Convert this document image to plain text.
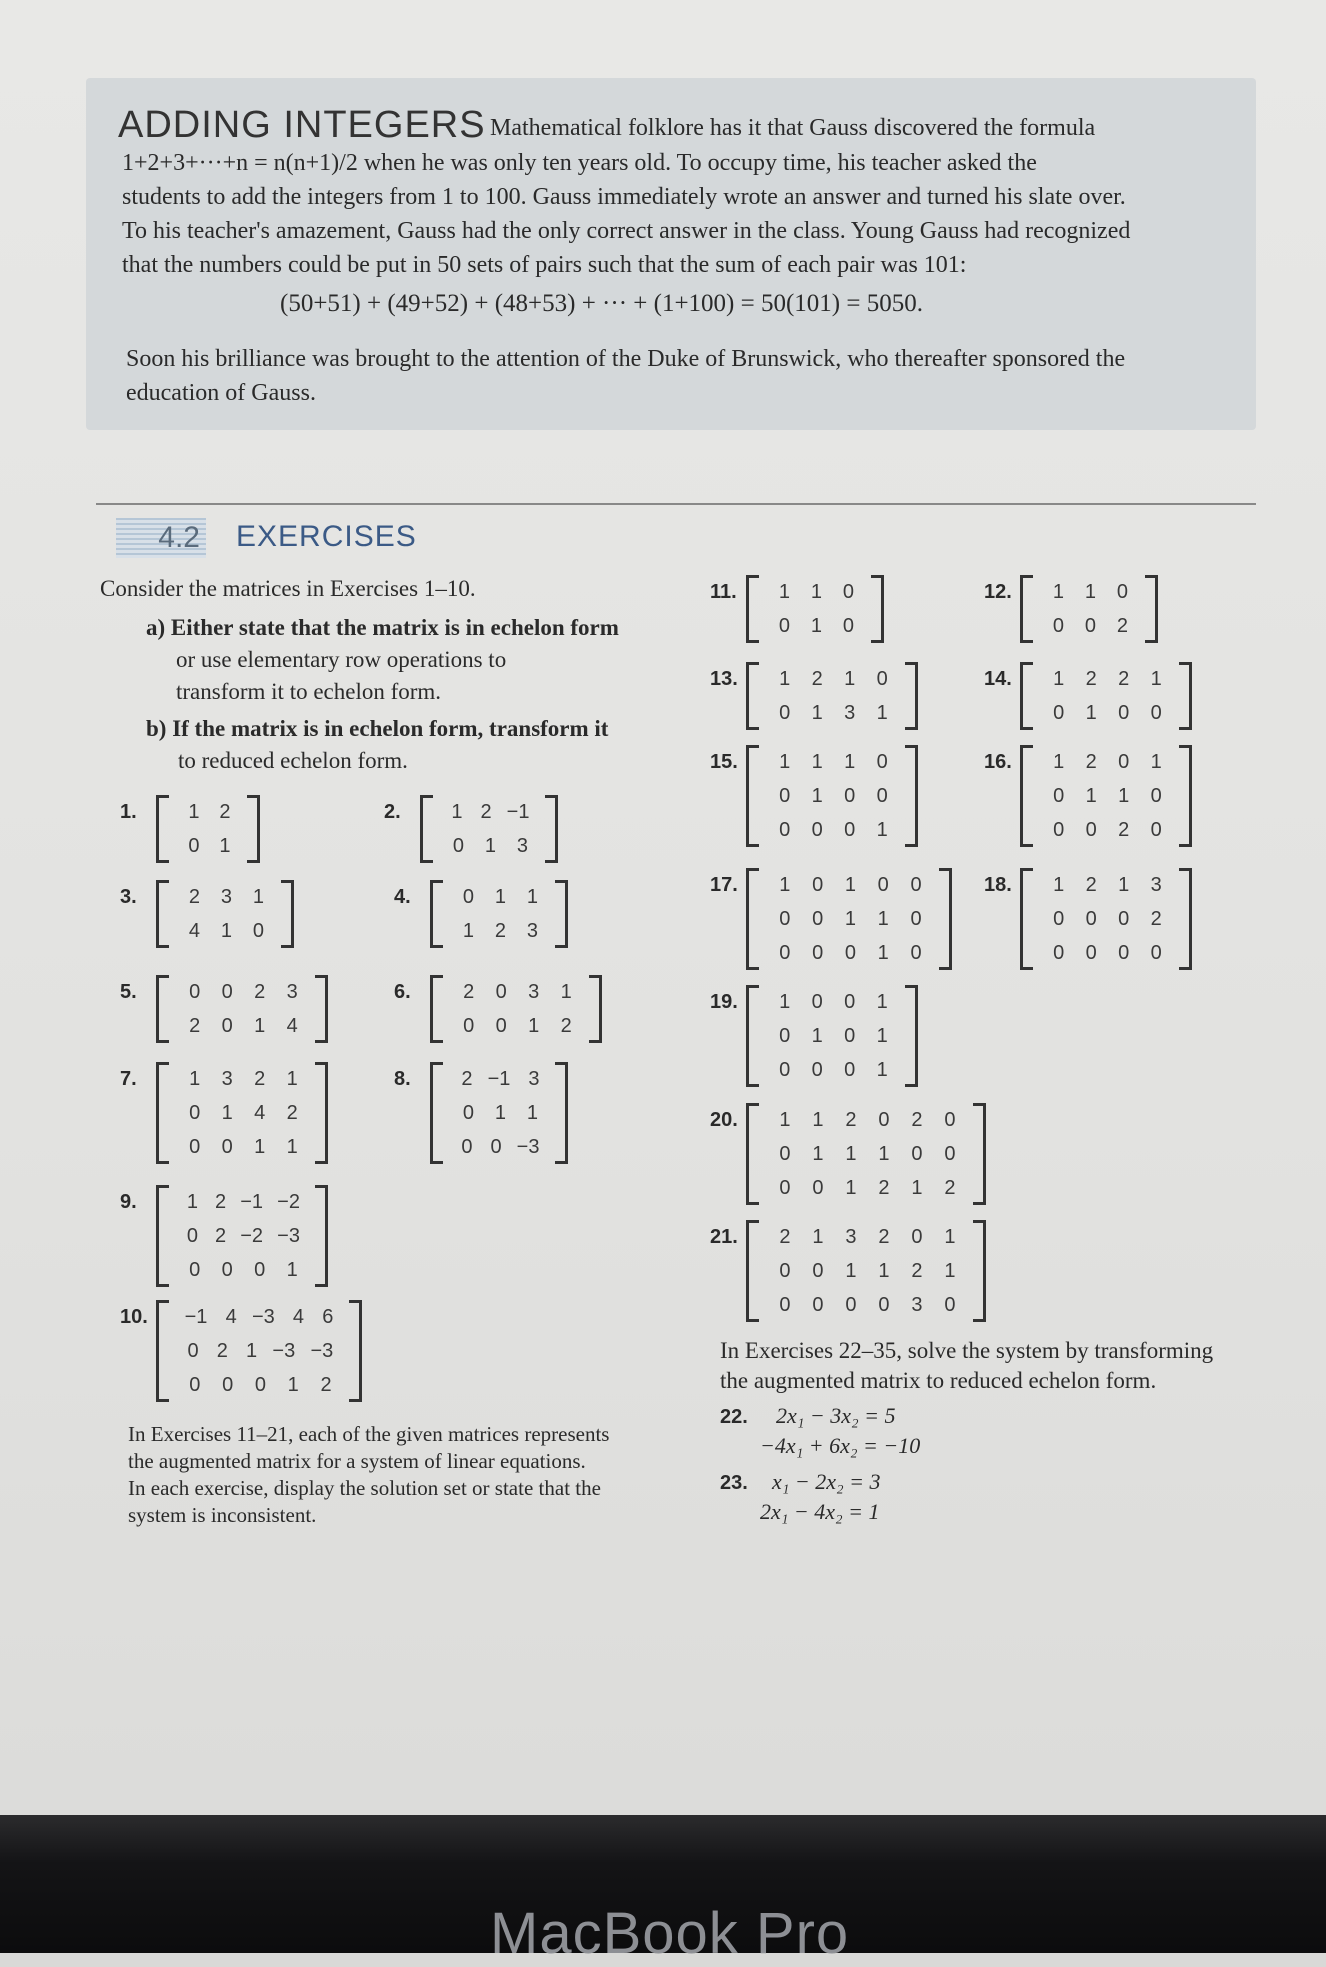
ADDING INTEGERS Mathematical folklore has it that Gauss discovered the formula
1+2+3+···+n = n(n+1)/2 when he was only ten years old. To occupy time, his teacher asked the
students to add the integers from 1 to 100. Gauss immediately wrote an answer and turned his slate over.
To his teacher's amazement, Gauss had the only correct answer in the class. Young Gauss had recognized
that the numbers could be put in 50 sets of pairs such that the sum of each pair was 101:
(50+51) + (49+52) + (48+53) + ··· + (1+100) = 50(101) = 5050.
Soon his brilliance was brought to the attention of the Duke of Brunswick, who thereafter sponsored the
education of Gauss.
4.2 EXERCISES
Consider the matrices in Exercises 1–10.
a) Either state that the matrix is in echelon form
or use elementary row operations to
transform it to echelon form.
b) If the matrix is in echelon form, transform it
to reduced echelon form.
In Exercises 11–21, each of the given matrices represents
the augmented matrix for a system of linear equations.
In each exercise, display the solution set or state that the
system is inconsistent.
In Exercises 22–35, solve the system by transforming
the augmented matrix to reduced echelon form.
22. 2x₁ − 3x₂ = 5
−4x₁ + 6x₂ = −10
23. x₁ − 2x₂ = 3
2x₁ − 4x₂ = 1
MacBook Pro
1.	1 2
0 1
2.	1 2 −1
0 1 3
3.	2 3 1
4 1 0
4.	0 1 1
1 2 3
5.	0 0 2 3
2 0 1 4
6.	2 0 3 1
0 0 1 2
7.	1 3 2 1
0 1 4 2
0 0 1 1
8.	2 −1 3
0 1 1
0 0 −3
9.	1 2 −1 −2
0 2 −2 −3
0 0 0 1
10. −1 4 −3 4 6
0 2 1 −3 −3
0 0 0 1 2
11. 1 1 0
0 1 0
12. 1 1 0
0 0 2
13. 1 2 1 0
0 1 3 1
14. 1 2 2 1
0 1 0 0
15. 1 1 1 0
0 1 0 0
0 0 0 1
16. 1 2 0 1
0 1 1 0
0 0 2 0
17. 1 0 1 0 0
0 0 1 1 0
0 0 0 1 0
18. 1 2 1 3
0 0 0 2
0 0 0 0
19. 1 0 0 1
0 1 0 1
0 0 0 1
20. 1 1 2 0 2 0
0 1 1 1 0 0
0 0 1 2 1 2
21. 2 1 3 2 0 1
0 0 1 1 2 1
0 0 0 0 3 0
